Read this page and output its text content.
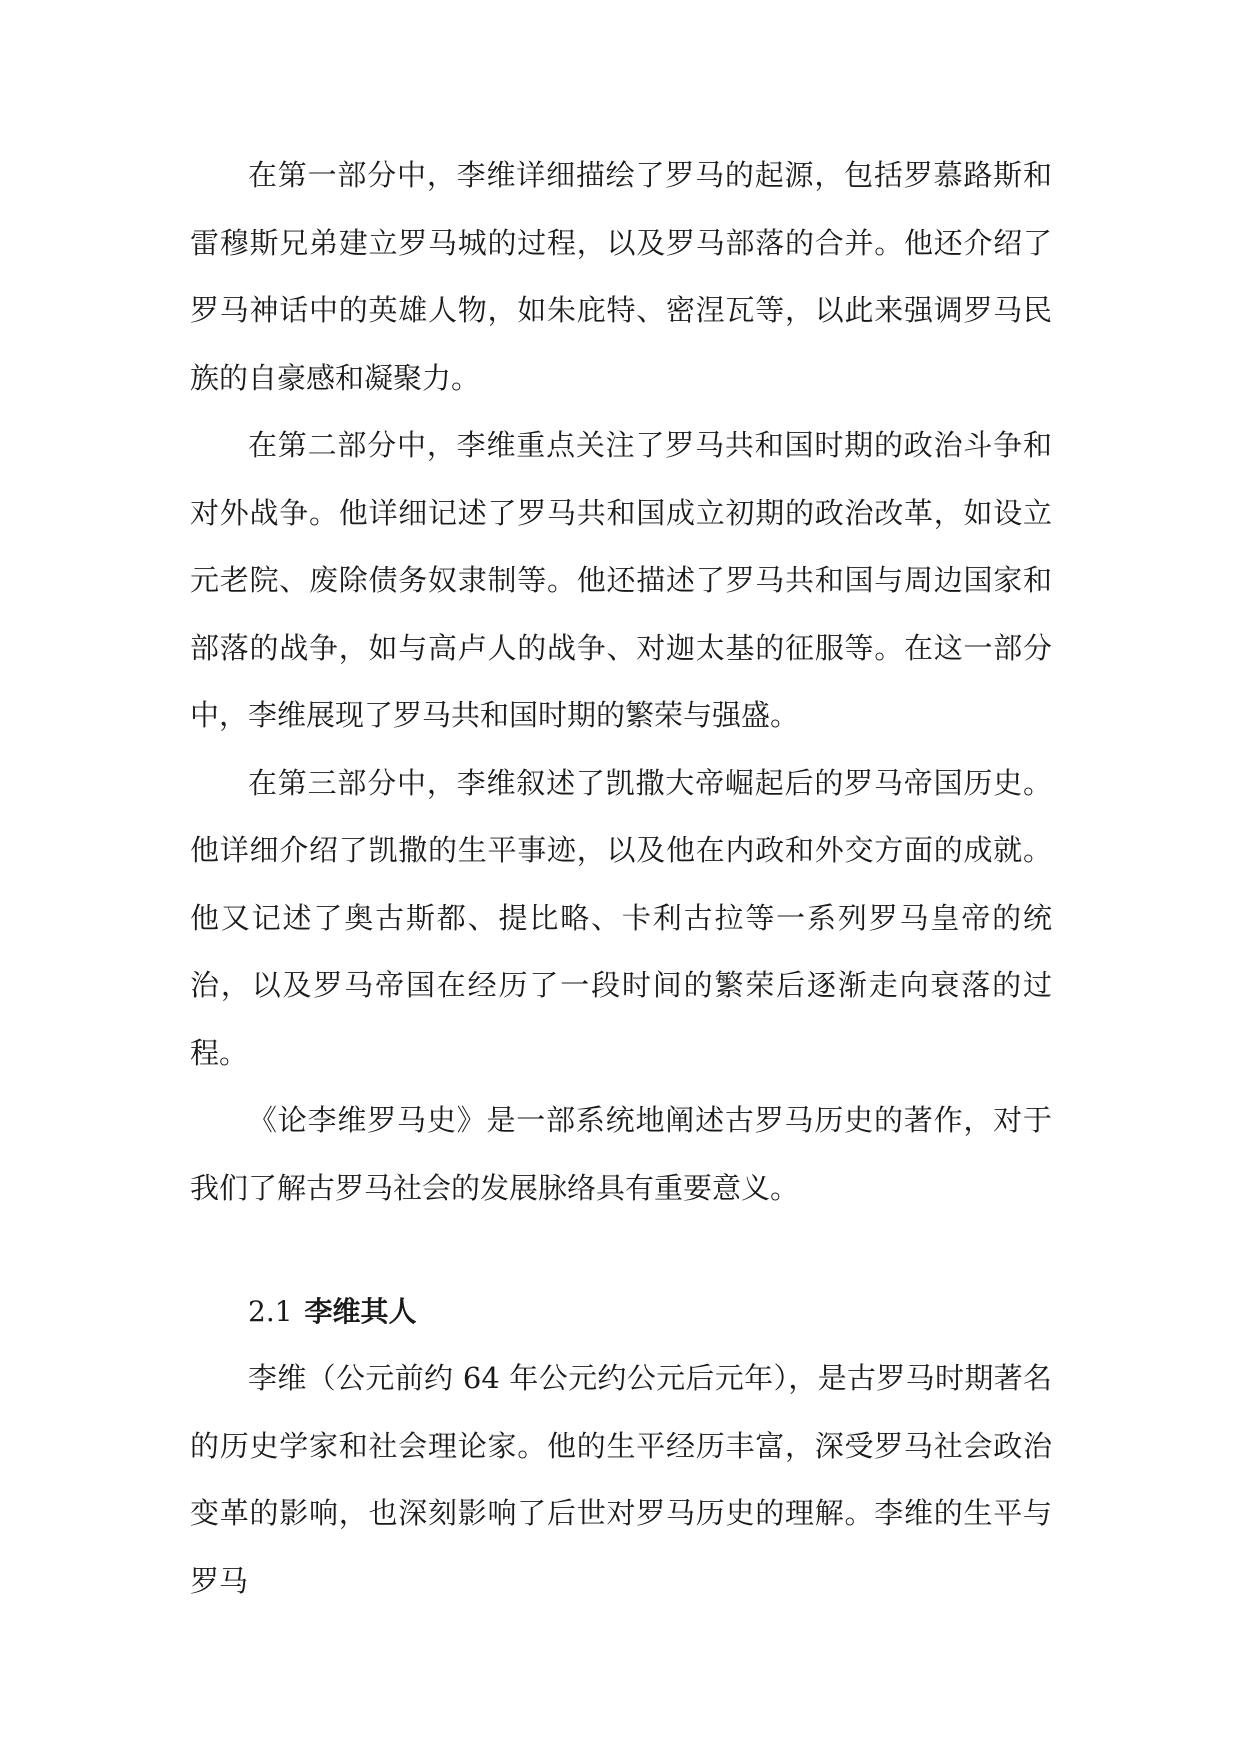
在第一部分中，李维详细描绘了罗马的起源，包括罗慕路斯和雷穆斯兄弟建立罗马城的过程，以及罗马部落的合并。他还介绍了罗马神话中的英雄人物，如朱庇特、密涅瓦等，以此来强调罗马民族的自豪感和凝聚力。

在第二部分中，李维重点关注了罗马共和国时期的政治斗争和对外战争。他详细记述了罗马共和国成立初期的政治改革，如设立元老院、废除债务奴隶制等。他还描述了罗马共和国与周边国家和部落的战争，如与高卢人的战争、对迦太基的征服等。在这一部分中，李维展现了罗马共和国时期的繁荣与强盛。

在第三部分中，李维叙述了凯撒大帝崛起后的罗马帝国历史。他详细介绍了凯撒的生平事迹，以及他在内政和外交方面的成就。他又记述了奥古斯都、提比略、卡利古拉等一系列罗马皇帝的统治，以及罗马帝国在经历了一段时间的繁荣后逐渐走向衰落的过程。

《论李维罗马史》是一部系统地阐述古罗马历史的著作，对于我们了解古罗马社会的发展脉络具有重要意义。

2.1 李维其人

李维（公元前约 64 年公元约公元后元年），是古罗马时期著名的历史学家和社会理论家。他的生平经历丰富，深受罗马社会政治变革的影响，也深刻影响了后世对罗马历史的理解。李维的生平与罗马
